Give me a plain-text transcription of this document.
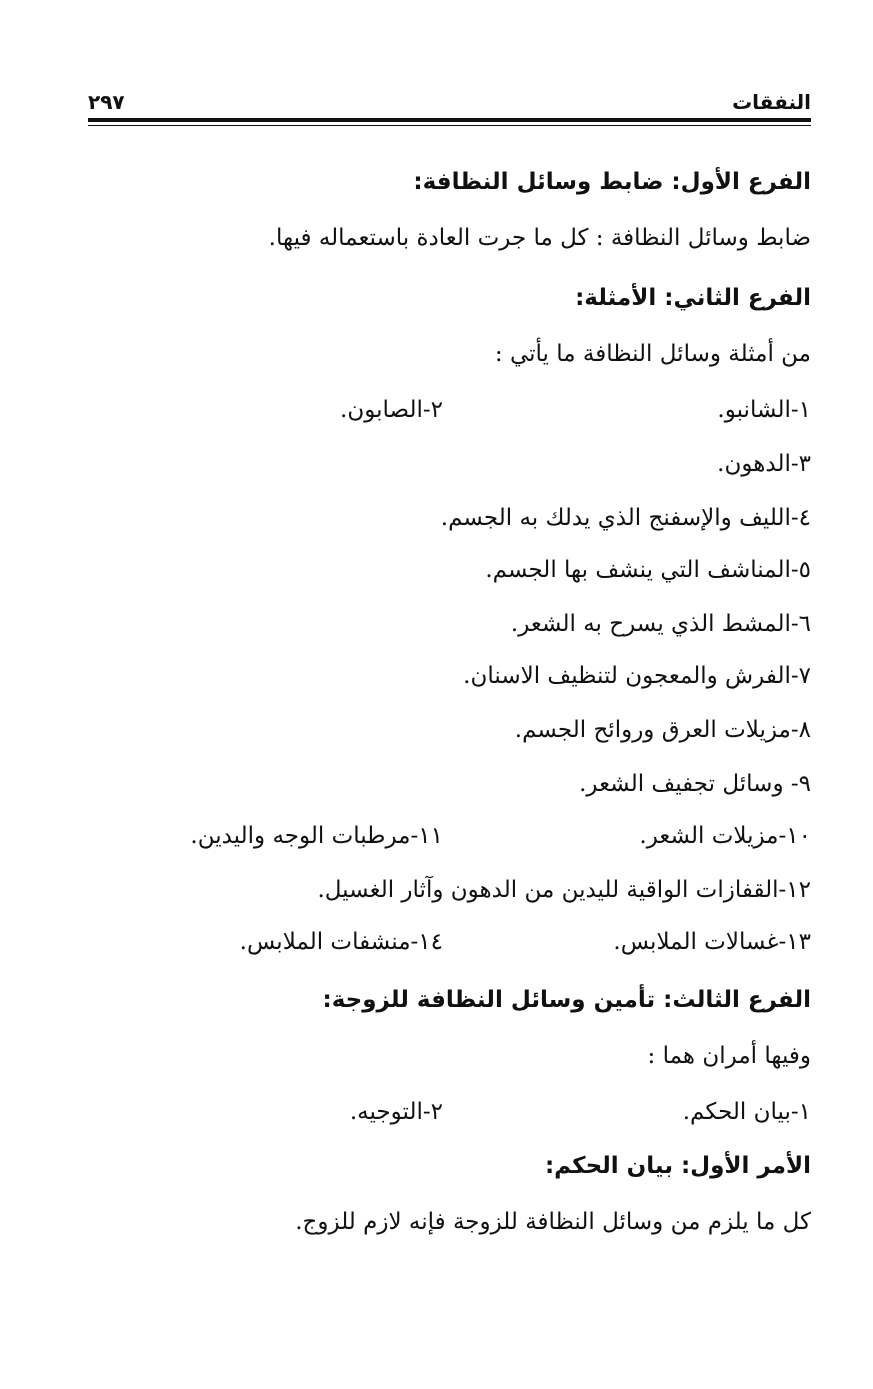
النفقات
٢٩٧
الفرع الأول: ضابط وسائل النظافة:
ضابط وسائل النظافة : كل ما جرت العادة باستعماله فيها.
الفرع الثاني: الأمثلة:
من أمثلة وسائل النظافة ما يأتي :
١-الشانبو.
٢-الصابون.
٣-الدهون.
٤-الليف والإسفنج الذي يدلك به الجسم.
٥-المناشف التي ينشف بها الجسم.
٦-المشط الذي يسرح به الشعر.
٧-الفرش والمعجون لتنظيف الاسنان.
٨-مزيلات العرق وروائح الجسم.
٩- وسائل تجفيف الشعر.
١٠-مزيلات الشعر.
١١-مرطبات الوجه واليدين.
١٢-القفازات الواقية لليدين من الدهون وآثار الغسيل.
١٣-غسالات الملابس.
١٤-منشفات الملابس.
الفرع الثالث: تأمين وسائل النظافة للزوجة:
وفيها أمران هما :
١-بيان الحكم.
٢-التوجيه.
الأمر الأول: بيان الحكم:
كل ما يلزم من وسائل النظافة للزوجة فإنه لازم للزوج.
